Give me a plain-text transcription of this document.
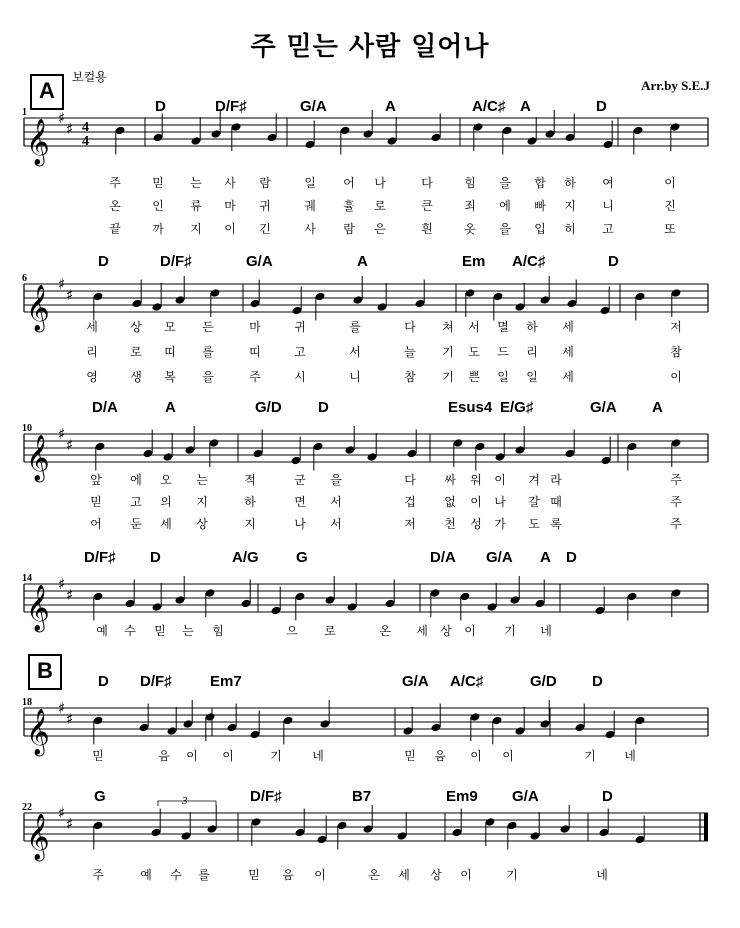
주 믿는 사람 일어나
보컬용
Arr.by S.E.J
A
B
𝄞
♯
♯ 4
4
1	D	D/F♯	G/A	A	A/C♯ A	D
주	믿 는 사 람	일 어 나	다	힘 을 합 하 여	이
온	인 류 마 귀	궤 휼 로	큰	죄 에 빠 지 니	진
끝	까 지 이 긴	사 람 은	흰	옷 을 입 히 고	또
𝄞
♯
♯
6
D	D/F♯	G/A	A	Em A/C♯	D
세	상 모 든	마	귀	를	다 쳐 서 멸 하 세	저
리	로 띠 를	띠	고	서	늘 기 도 드 리 세	참
영	생 복 을	주	시	니	참 기 쁜 일 일 세	이
𝄞
♯
♯
10
D/A	A	G/D D	Esus4 E/G♯	G/A A
앞 에 오 는	적	군 을	다 싸 워 이 겨 라	주
믿 고 의 지	하	면 서	겁 없 이 나 갈 때	주
어 둔 세 상	지	나 서	저 천 성 가 도 록	주
𝄞
♯
♯
14
D/F♯ D	A/G G	D/A G/A A D
예 수 믿 는 힘	으 로	온 세 상 이 기 네
𝄞
♯
♯
18
D D/F♯	Em7	G/A A/C♯	G/D D
믿	음 이 이	기	네	믿 음 이 이	기 네
𝄞
♯
♯
22
G	D/F♯	B7	Em9 G/A	D
주	예 수 를	믿 음 이	온 세 상 이	기	네
3
